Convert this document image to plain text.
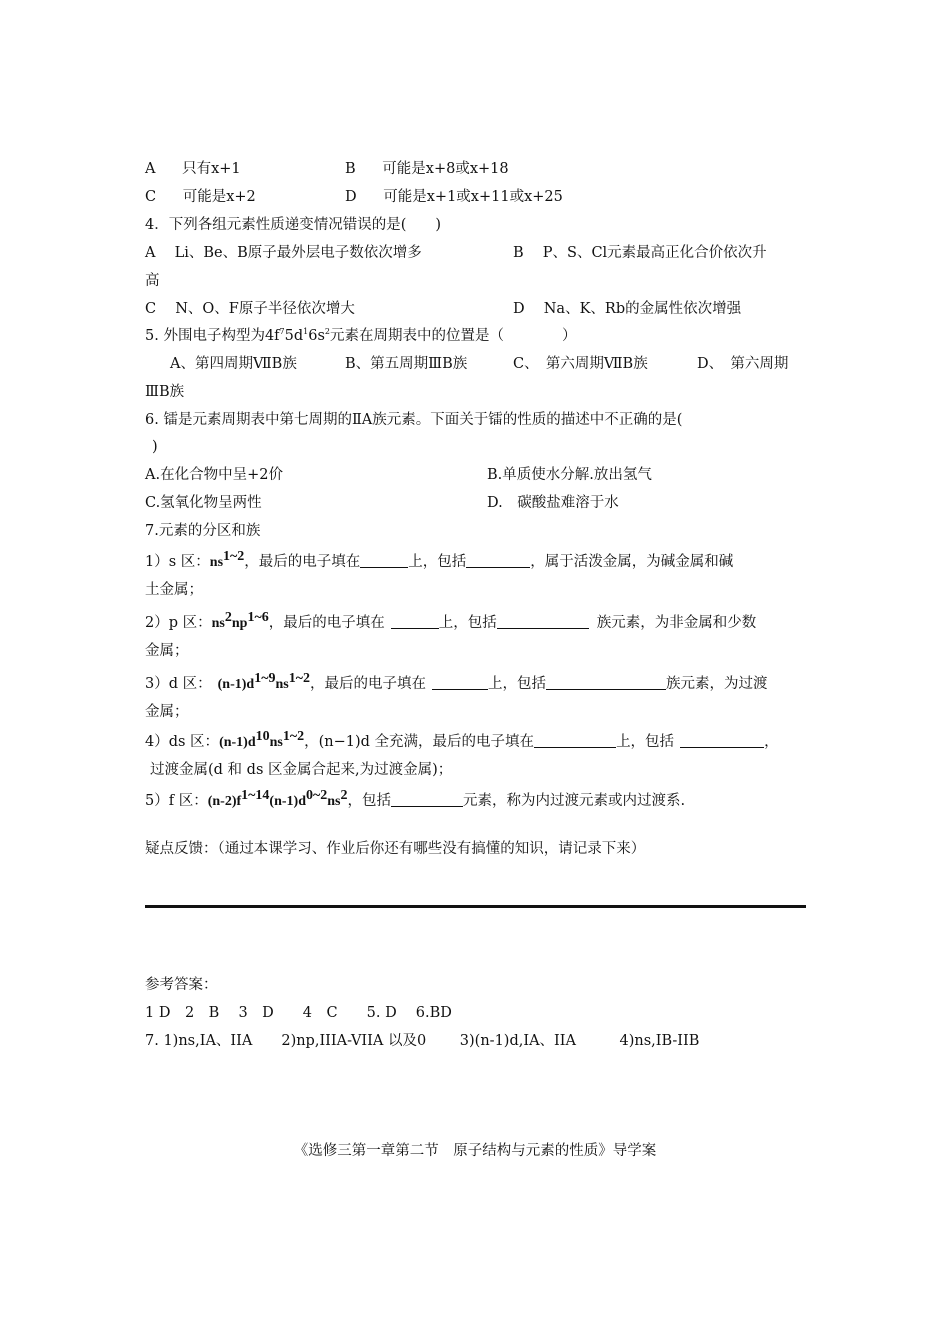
A 只有x+1	B 可能是x+8或x+18
C 可能是x+2	D 可能是x+1或x+11或x+25
4．下列各组元素性质递变情况错误的是(　　)
A　 Li、Be、B原子最外层电子数依次增多	B　 P、S、Cl元素最高正化合价依次升
高
C　 N、O、F原子半径依次增大	D　 Na、K、Rb的金属性依次增强
5. 外围电子构型为$4f^75d^16s^2$元素在周期表中的位置是（　　　　）
A、第四周期ⅦB族	B、第五周期ⅢB族	C、　第六周期ⅦB族	D、　第六周期
ⅢB族
6. 镭是元素周期表中第七周期的ⅡA族元素。下面关于镭的性质的描述中不正确的是(
)
A.在化合物中呈+2价	B.单质使水分解.放出氢气
C.氢氧化物呈两性	D.　碳酸盐难溶于水
7.元素的分区和族
1）s 区：$ns^{1\sim 2}$，最后的电子填在	上，包括	，属于活泼金属，为碱金属和碱
土金属；
2）p 区：$ns^2np^{1\sim 6}$，最后的电子填在	上，包括	族元素，为非金属和少数
金属；
3）d 区： $(n-1)d^{1\sim 9}ns^{1\sim 2}$，最后的电子填在	上，包括	族元素，为过渡
金属；
4）ds 区：$(n-1)d^{10}ns^{1\sim 2}$，(n−1)d 全充满，最后的电子填在	上，包括	，
过渡金属(d 和 ds 区金属合起来,为过渡金属)；
5）f 区：$(n-2)f^{1\sim 14}(n-1)d^{0\sim 2}ns^2$，包括	元素，称为内过渡元素或内过渡系.
疑点反馈：（通过本课学习、作业后你还有哪些没有搞懂的知识，请记录下来）
参考答案：
1 D　2　B　 3　D　　4　C　　5. D　 6.BD
7. 1)ns,IA、IIA　　2)np,IIIA-VIIA 以及0　　 3)(n-1)d,IA、IIA　　　4)ns,IB-IIB
《选修三第一章第二节　原子结构与元素的性质》导学案
